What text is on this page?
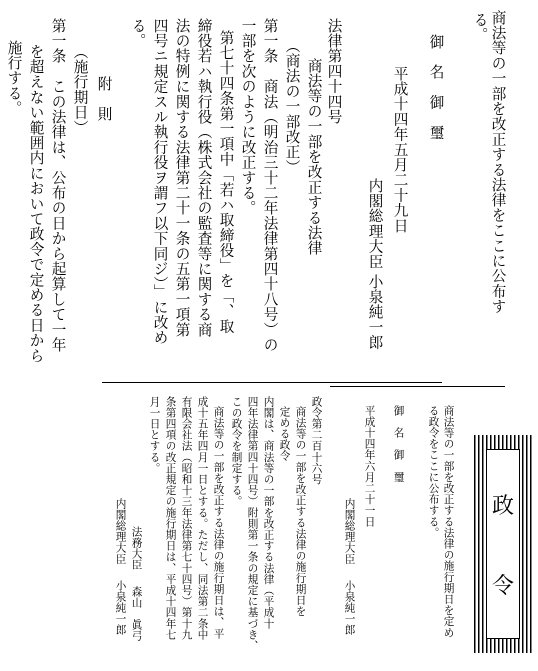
商法等の一部を改正する法律をここに公布す
る。
御　名　御　璽
平成十四年五月二十九日
内閣総理大臣
小泉純一郎
法律第四十四号
商法等の一部を改正する法律
（商法の一部改正）
第一条　商法（明治三十二年法律第四十八号）の
一部を次のように改正する。
第七十四条第一項中「若ハ取締役」を「、取
締役若ハ執行役（株式会社の監査等に関する商
法の特例に関する法律第二十一条の五第一項第
四号ニ規定スル執行役ヲ謂フ以下同ジ）」に改め
る。
附　則
（施行期日）
第一条　この法律は、公布の日から起算して一年
を超えない範囲内において政令で定める日から
施行する。
政
令
商法等の一部を改正する法律の施行期日を定め
る政令をここに公布する。
御　名　御　璽
平成十四年六月二十一日
内閣総理大臣
小泉純一郎
政令第二百十六号
商法等の一部を改正する法律の施行期日を
定める政令
内閣は、商法等の一部を改正する法律（平成十
四年法律第四十四号）附則第一条の規定に基づき、
この政令を制定する。
商法等の一部を改正する法律の施行期日は、平
成十五年四月一日とする。ただし、同法第二条中
有限会社法（昭和十三年法律第七十四号）第十九
条第四項の改正規定の施行期日は、平成十四年七
月一日とする。
法務大臣
森山　眞弓
内閣総理大臣
小泉純一郎
